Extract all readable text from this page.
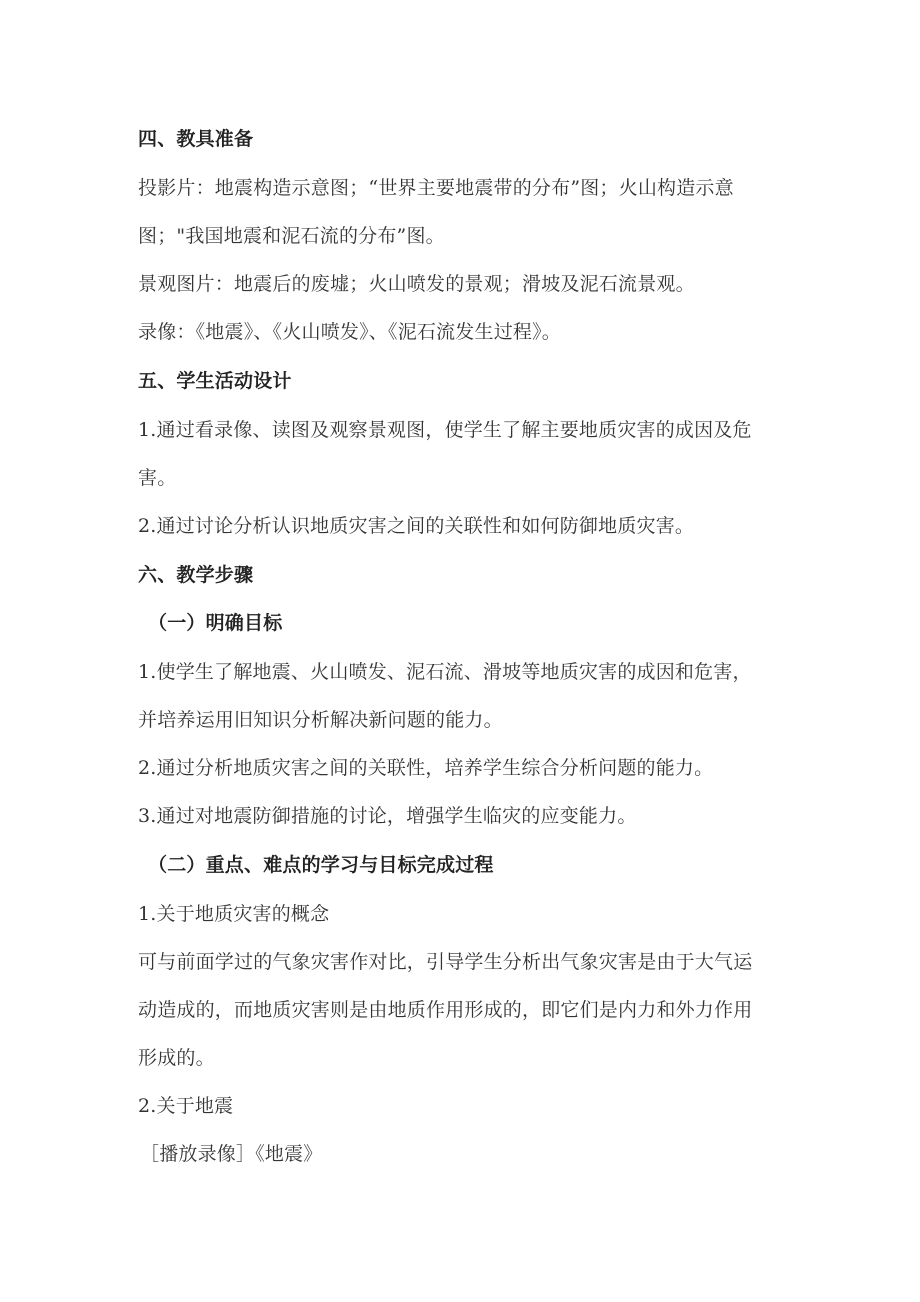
四、教具准备
投影片：地震构造示意图；“世界主要地震带的分布”图；火山构造示意
图；"我国地震和泥石流的分布”图。
景观图片：地震后的废墟；火山喷发的景观；滑坡及泥石流景观。
录像：《地震》、《火山喷发》、《泥石流发生过程》。
五、学生活动设计
1.通过看录像、读图及观察景观图，使学生了解主要地质灾害的成因及危
害。
2.通过讨论分析认识地质灾害之间的关联性和如何防御地质灾害。
六、教学步骤
（一）明确目标
1.使学生了解地震、火山喷发、泥石流、滑坡等地质灾害的成因和危害，
并培养运用旧知识分析解决新问题的能力。
2.通过分析地质灾害之间的关联性，培养学生综合分析问题的能力。
3.通过对地震防御措施的讨论，增强学生临灾的应变能力。
（二）重点、难点的学习与目标完成过程
1.关于地质灾害的概念
可与前面学过的气象灾害作对比，引导学生分析出气象灾害是由于大气运
动造成的，而地质灾害则是由地质作用形成的，即它们是内力和外力作用
形成的。
2.关于地震
［播放录像］《地震》
